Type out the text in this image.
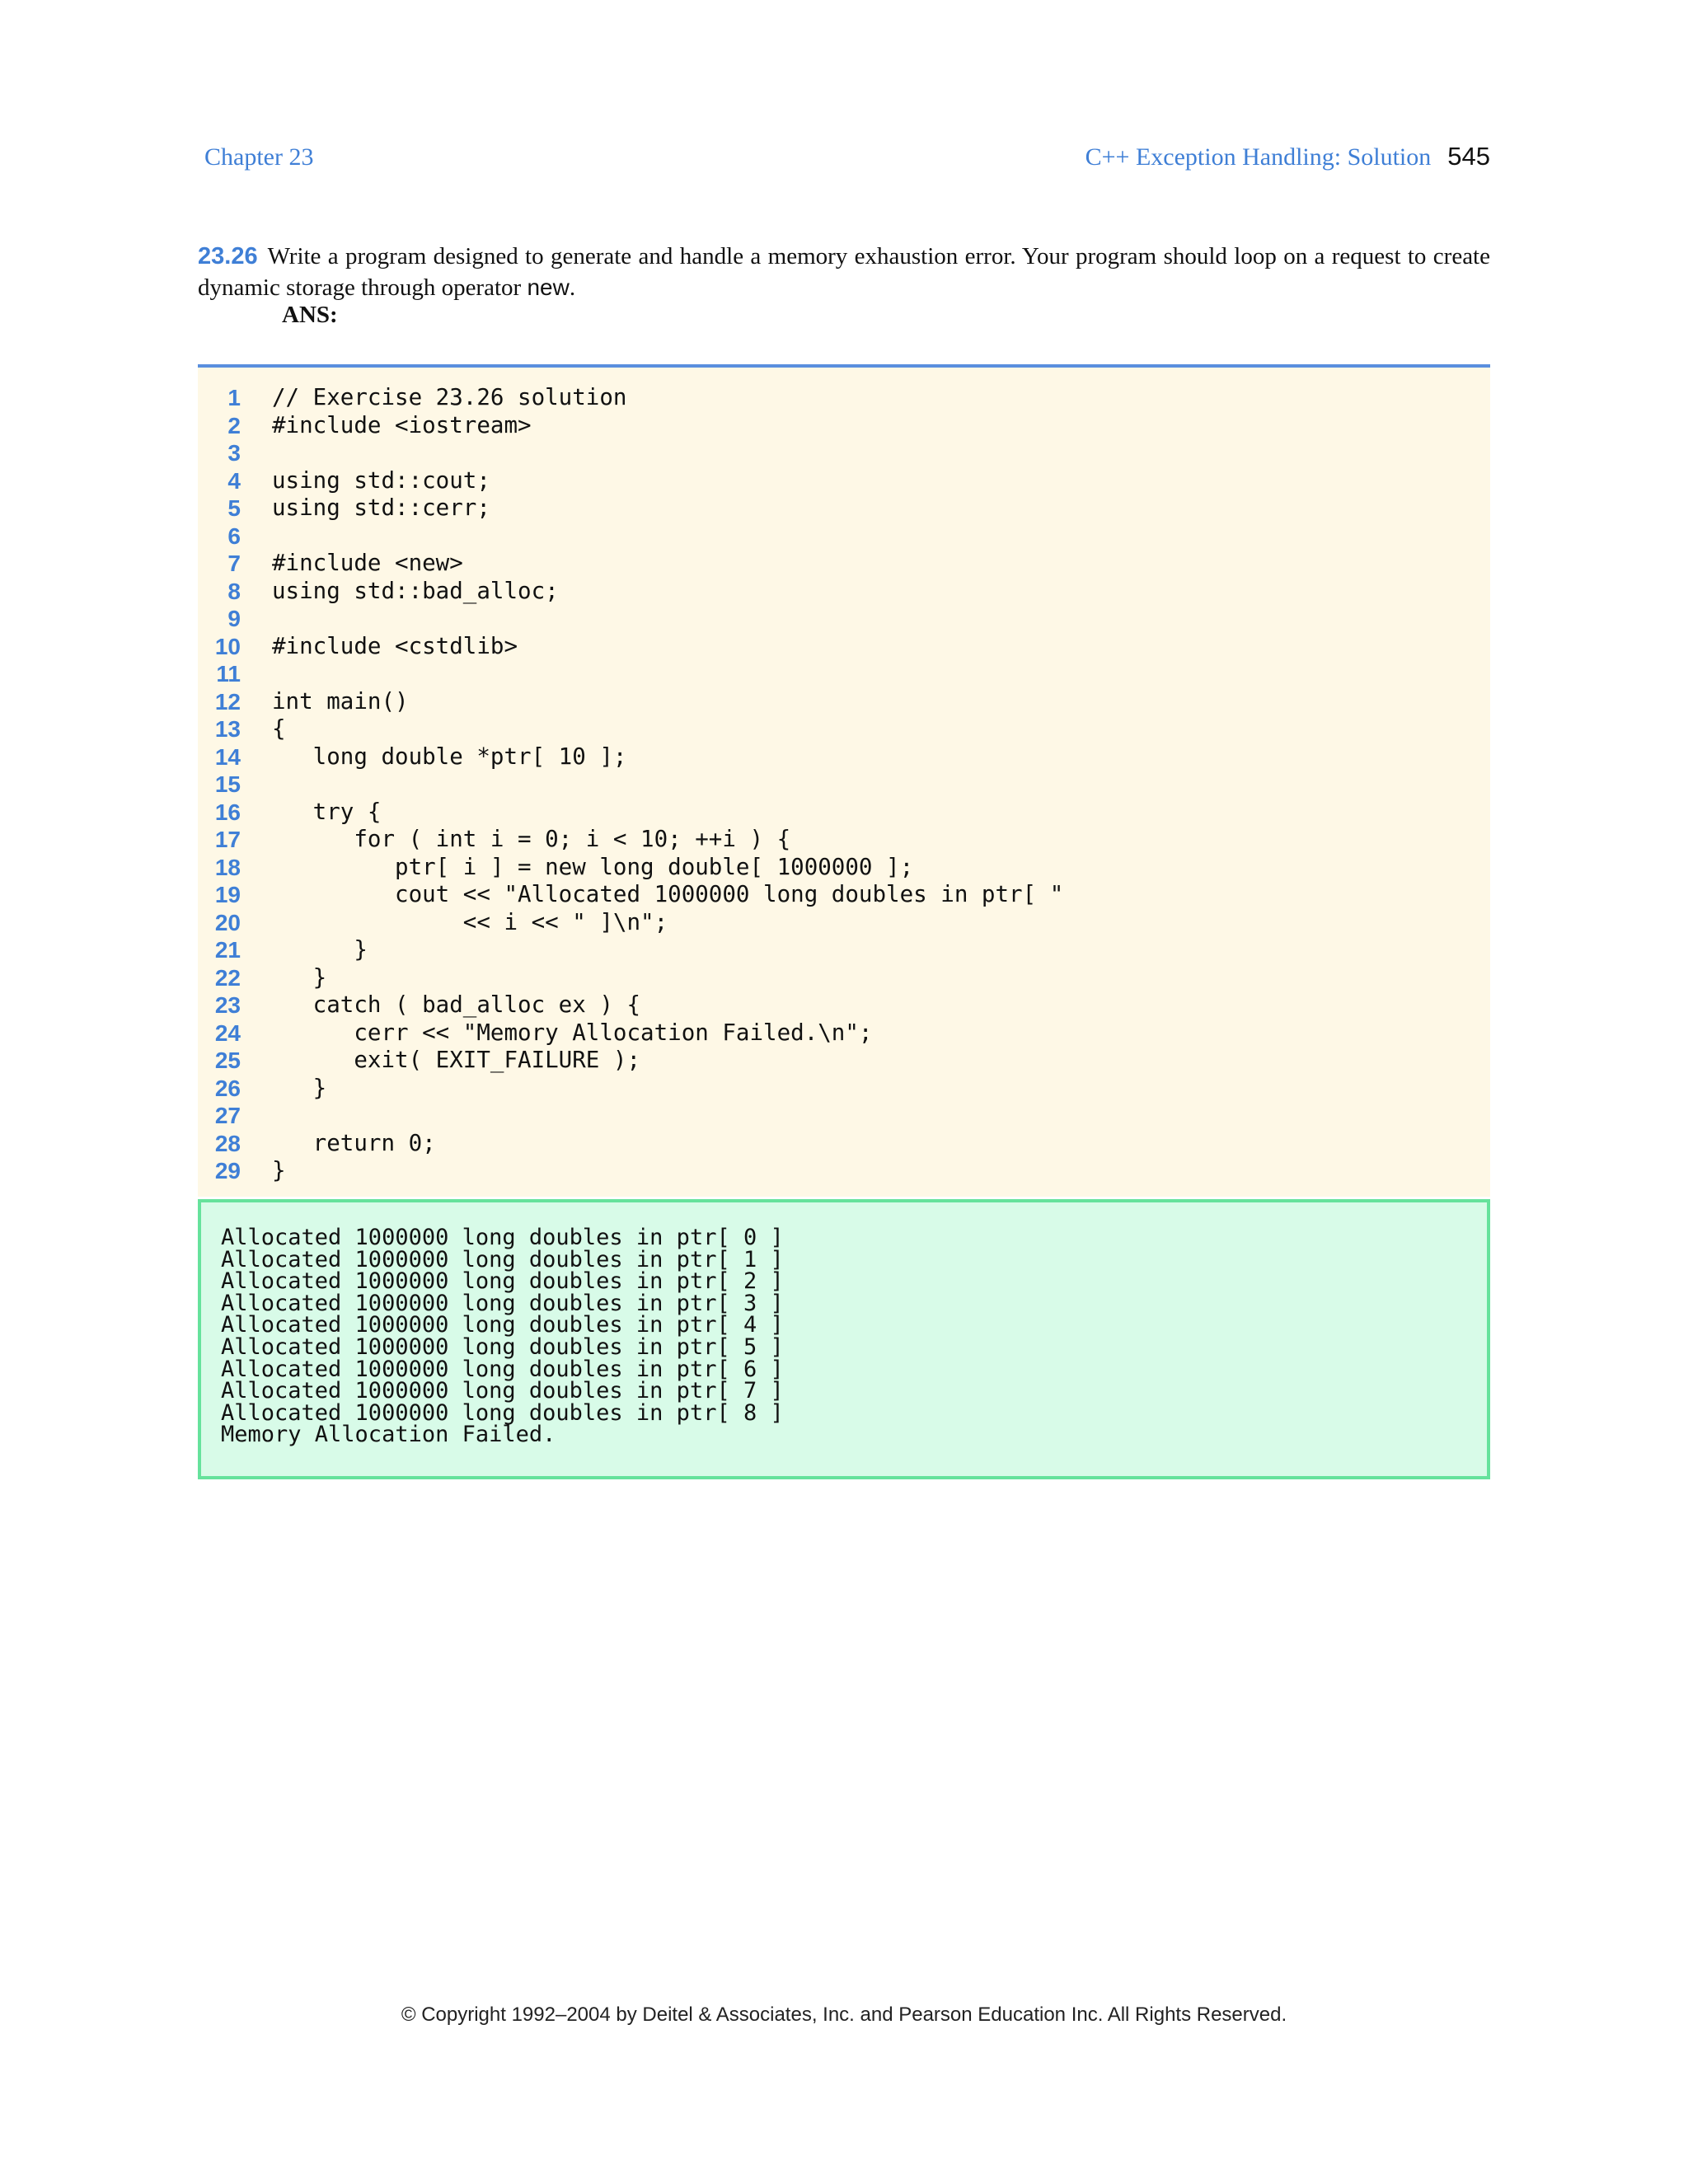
Chapter 23	C++ Exception Handling: Solution 545
23.26 Write a program designed to generate and handle a memory exhaustion error. Your program should loop on a request to create dynamic storage through operator new.
ANS:
1 // Exercise 23.26 solution
2 #include <iostream>
3
4 using std::cout;
5 using std::cerr;
6
7 #include <new>
8 using std::bad_alloc;
9
10 #include <cstdlib>
11
12 int main()
13 {
14 long double *ptr[ 10 ];
15
16 try {
17 for ( int i = 0; i < 10; ++i ) {
18 ptr[ i ] = new long double[ 1000000 ];
19 cout << "Allocated 1000000 long doubles in ptr[ "
20 << i << " ]\n";
21 }
22 }
23 catch ( bad_alloc ex ) {
24 cerr << "Memory Allocation Failed.\n";
25 exit( EXIT_FAILURE );
26 }
27
28 return 0;
29 }
Allocated 1000000 long doubles in ptr[ 0 ]
Allocated 1000000 long doubles in ptr[ 1 ]
Allocated 1000000 long doubles in ptr[ 2 ]
Allocated 1000000 long doubles in ptr[ 3 ]
Allocated 1000000 long doubles in ptr[ 4 ]
Allocated 1000000 long doubles in ptr[ 5 ]
Allocated 1000000 long doubles in ptr[ 6 ]
Allocated 1000000 long doubles in ptr[ 7 ]
Allocated 1000000 long doubles in ptr[ 8 ]
Memory Allocation Failed.
© Copyright 1992–2004 by Deitel & Associates, Inc. and Pearson Education Inc. All Rights Reserved.
